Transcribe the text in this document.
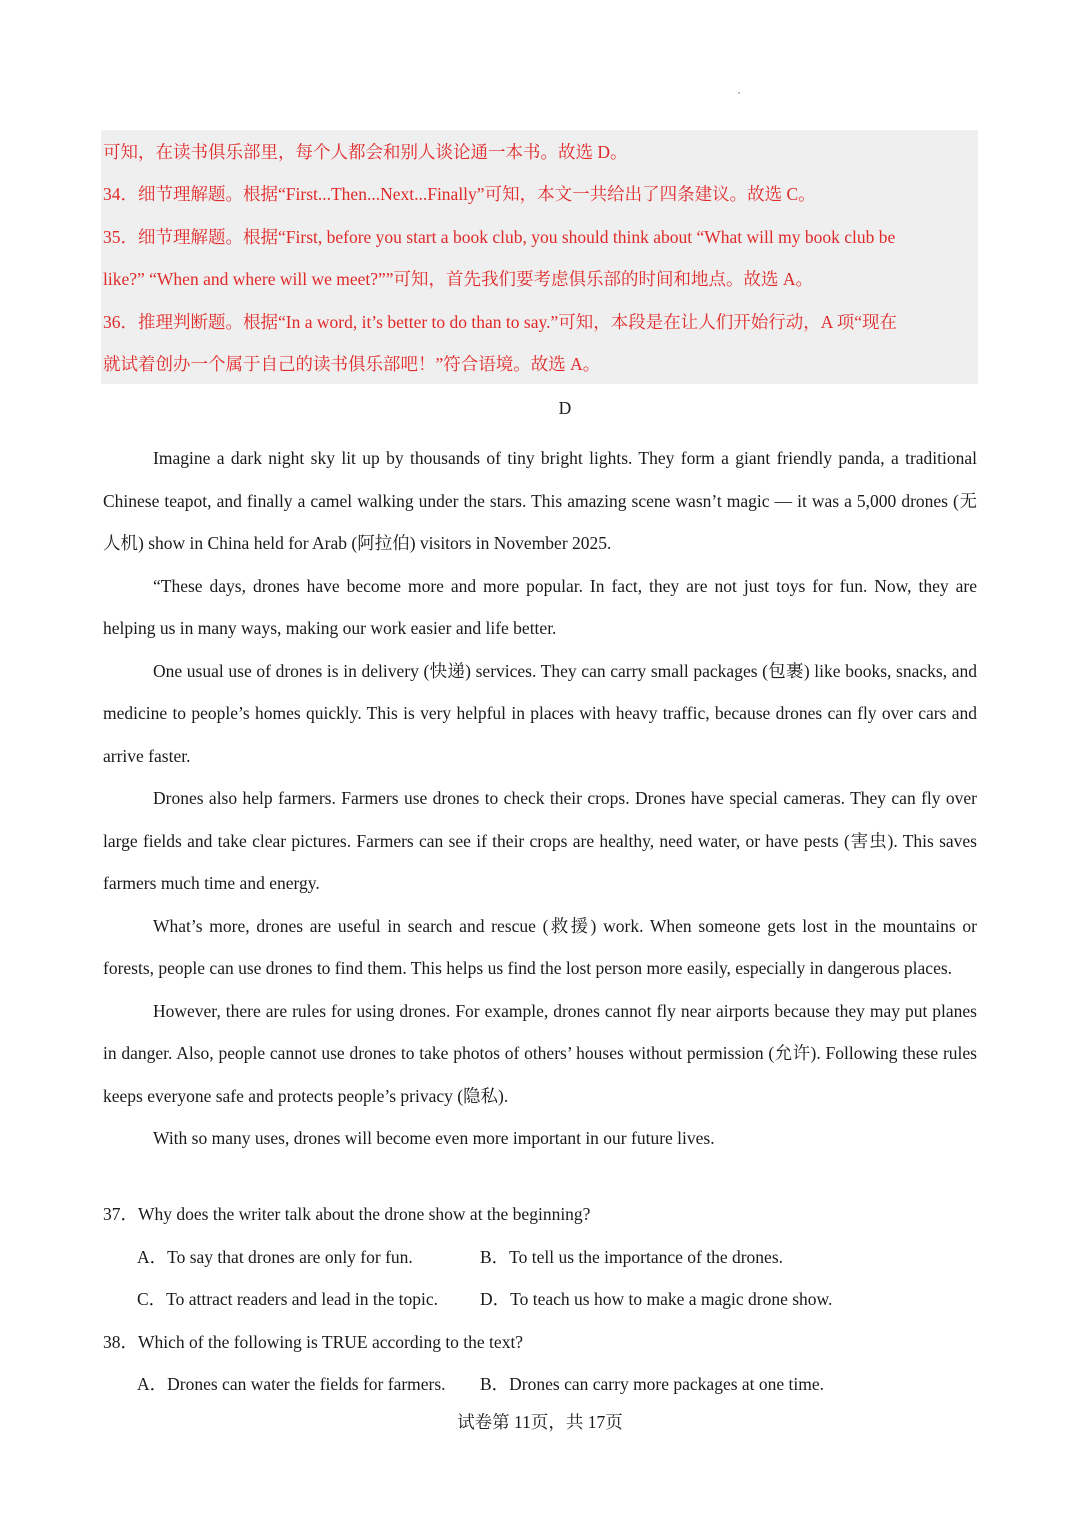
可知，在读书俱乐部里，每个人都会和别人谈论通一本书。故选 D。
34．细节理解题。根据“First...Then...Next...Finally”可知，本文一共给出了四条建议。故选 C。
35．细节理解题。根据“First, before you start a book club, you should think about “What will my book club be
like?” “When and where will we meet?””可知，首先我们要考虑俱乐部的时间和地点。故选 A。
36．推理判断题。根据“In a word, it’s better to do than to say.”可知，本段是在让人们开始行动，A 项“现在
就试着创办一个属于自己的读书俱乐部吧！”符合语境。故选 A。
D

Imagine a dark night sky lit up by thousands of tiny bright lights. They form a giant friendly panda, a traditional Chinese teapot, and finally a camel walking under the stars. This amazing scene wasn’t magic — it was a 5,000 drones (无人机) show in China held for Arab (阿拉伯) visitors in November 2025.

“These days, drones have become more and more popular. In fact, they are not just toys for fun. Now, they are helping us in many ways, making our work easier and life better.

One usual use of drones is in delivery (快递) services. They can carry small packages (包裹) like books, snacks, and medicine to people’s homes quickly. This is very helpful in places with heavy traffic, because drones can fly over cars and arrive faster.

Drones also help farmers. Farmers use drones to check their crops. Drones have special cameras. They can fly over large fields and take clear pictures. Farmers can see if their crops are healthy, need water, or have pests (害虫). This saves farmers much time and energy.

What’s more, drones are useful in search and rescue (救援) work. When someone gets lost in the mountains or forests, people can use drones to find them. This helps us find the lost person more easily, especially in dangerous places.

However, there are rules for using drones. For example, drones cannot fly near airports because they may put planes in danger. Also, people cannot use drones to take photos of others’ houses without permission (允许). Following these rules keeps everyone safe and protects people’s privacy (隐私).

With so many uses, drones will become even more important in our future lives.

37．Why does the writer talk about the drone show at the beginning?
A．To say that drones are only for fun.	B．To tell us the importance of the drones.
C．To attract readers and lead in the topic. D．To teach us how to make a magic drone show.
38．Which of the following is TRUE according to the text?
A．Drones can water the fields for farmers. B．Drones can carry more packages at one time.
试卷第 11页，共 17页
